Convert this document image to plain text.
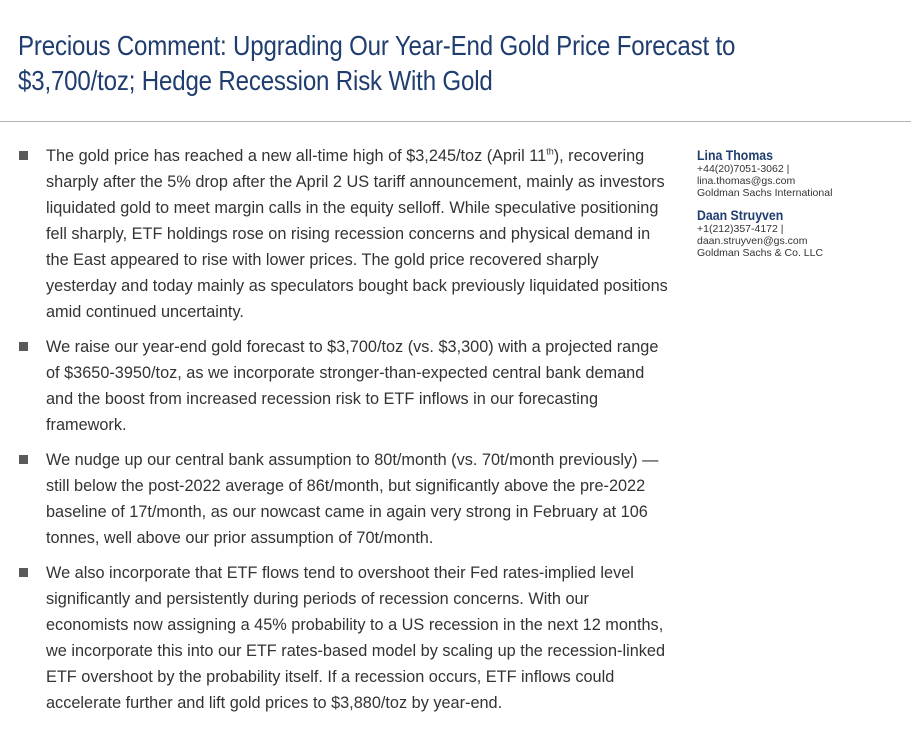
Precious Comment: Upgrading Our Year-End Gold Price Forecast to
$3,700/toz; Hedge Recession Risk With Gold
The gold price has reached a new all-time high of $3,245/toz (April 11th), recovering sharply after the 5% drop after the April 2 US tariff announcement, mainly as investors liquidated gold to meet margin calls in the equity selloff. While speculative positioning fell sharply, ETF holdings rose on rising recession concerns and physical demand in the East appeared to rise with lower prices. The gold price recovered sharply yesterday and today mainly as speculators bought back previously liquidated positions amid continued uncertainty.
We raise our year-end gold forecast to $3,700/toz (vs. $3,300) with a projected range of $3650-3950/toz, as we incorporate stronger-than-expected central bank demand and the boost from increased recession risk to ETF inflows in our forecasting framework.
We nudge up our central bank assumption to 80t/month (vs. 70t/month previously) — still below the post-2022 average of 86t/month, but significantly above the pre-2022 baseline of 17t/month, as our nowcast came in again very strong in February at 106 tonnes, well above our prior assumption of 70t/month.
We also incorporate that ETF flows tend to overshoot their Fed rates-implied level significantly and persistently during periods of recession concerns. With our economists now assigning a 45% probability to a US recession in the next 12 months, we incorporate this into our ETF rates-based model by scaling up the recession-linked ETF overshoot by the probability itself. If a recession occurs, ETF inflows could accelerate further and lift gold prices to $3,880/toz by year-end.
Lina Thomas
+44(20)7051-3062 |
lina.thomas@gs.com
Goldman Sachs International
Daan Struyven
+1(212)357-4172 |
daan.struyven@gs.com
Goldman Sachs & Co. LLC
